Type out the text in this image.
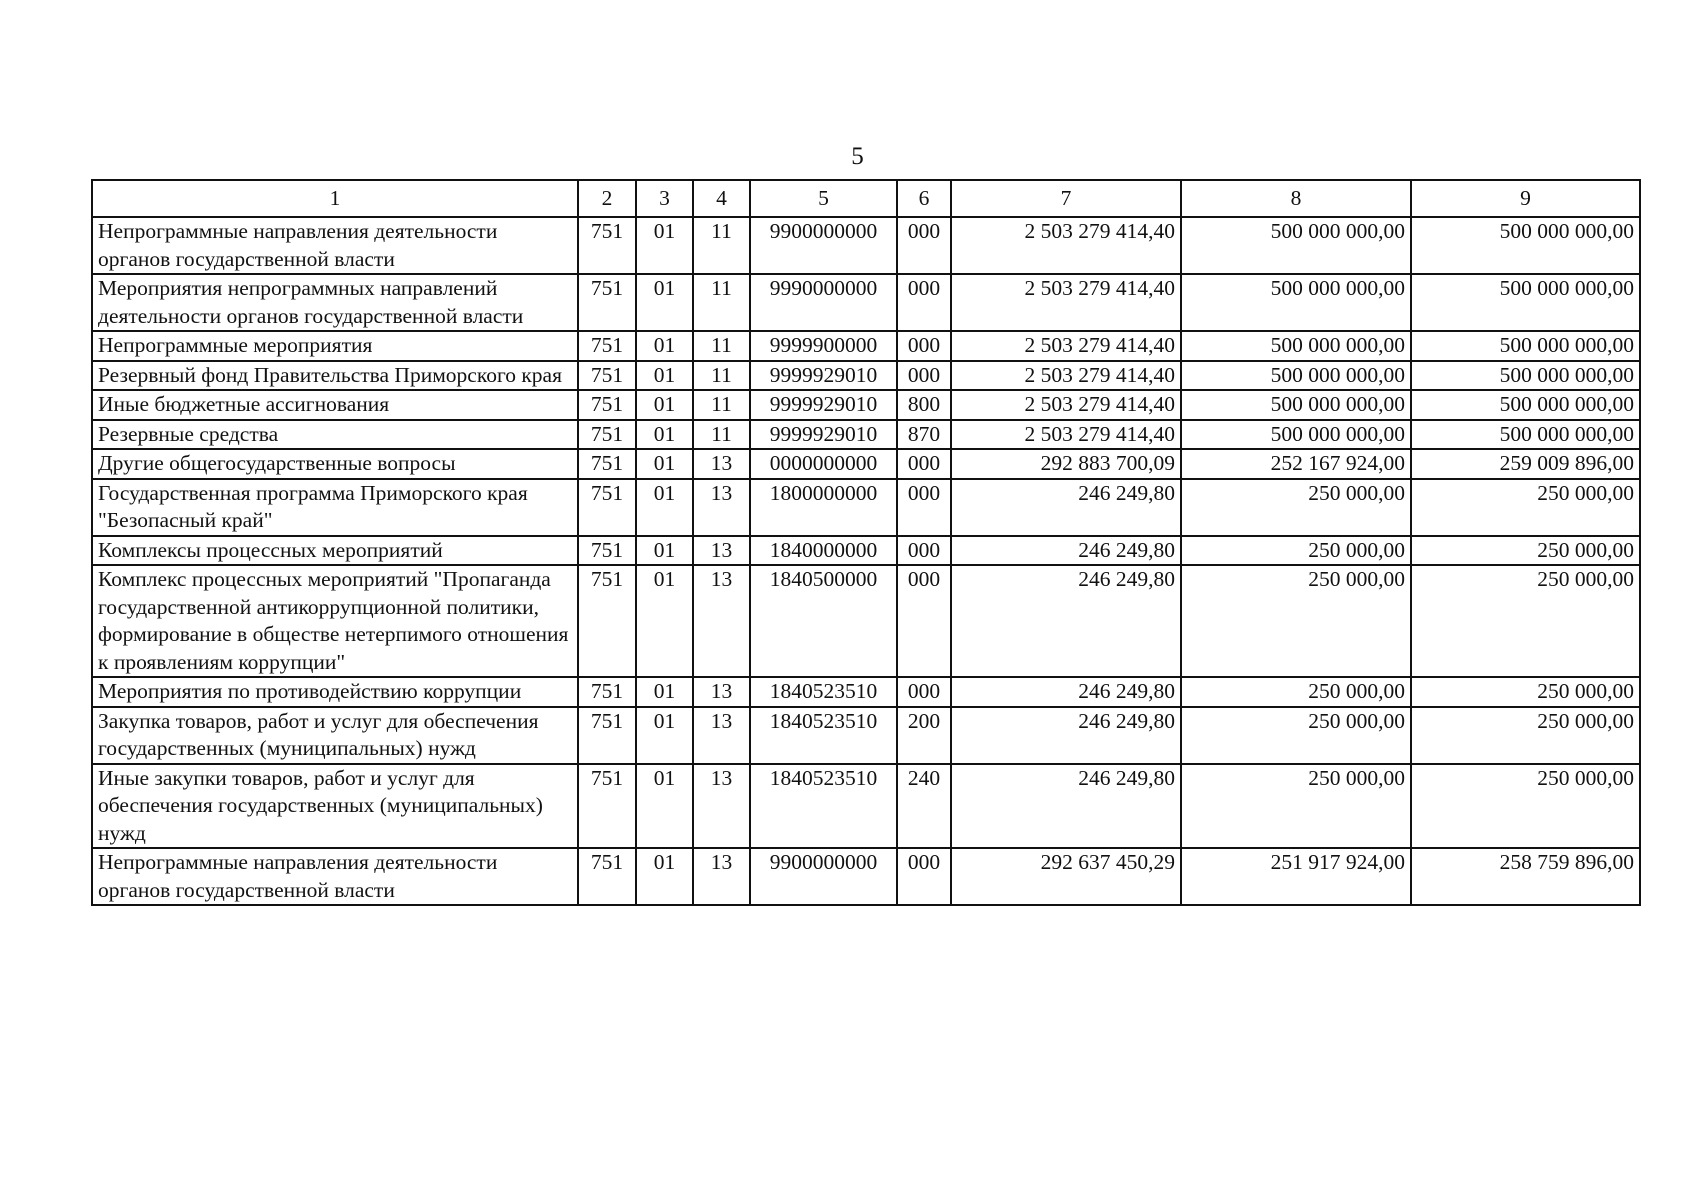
5
1	2	3	4	5	6	7	8	9
Непрограммные направления деятельности органов государственной власти	751	01	11	9900000000	000	2 503 279 414,40	500 000 000,00	500 000 000,00
Мероприятия непрограммных направлений деятельности органов государственной власти	751	01	11	9990000000	000	2 503 279 414,40	500 000 000,00	500 000 000,00
Непрограммные мероприятия	751	01	11	9999900000	000	2 503 279 414,40	500 000 000,00	500 000 000,00
Резервный фонд Правительства Приморского края	751	01	11	9999929010	000	2 503 279 414,40	500 000 000,00	500 000 000,00
Иные бюджетные ассигнования	751	01	11	9999929010	800	2 503 279 414,40	500 000 000,00	500 000 000,00
Резервные средства	751	01	11	9999929010	870	2 503 279 414,40	500 000 000,00	500 000 000,00
Другие общегосударственные вопросы	751	01	13	0000000000	000	292 883 700,09	252 167 924,00	259 009 896,00
Государственная программа Приморского края "Безопасный край"	751	01	13	1800000000	000	246 249,80	250 000,00	250 000,00
Комплексы процессных мероприятий	751	01	13	1840000000	000	246 249,80	250 000,00	250 000,00
Комплекс процессных мероприятий "Пропаганда государственной антикоррупционной политики, формирование в обществе нетерпимого отношения к проявлениям коррупции"	751	01	13	1840500000	000	246 249,80	250 000,00	250 000,00
Мероприятия по противодействию коррупции	751	01	13	1840523510	000	246 249,80	250 000,00	250 000,00
Закупка товаров, работ и услуг для обеспечения государственных (муниципальных) нужд	751	01	13	1840523510	200	246 249,80	250 000,00	250 000,00
Иные закупки товаров, работ и услуг для обеспечения государственных (муниципальных) нужд	751	01	13	1840523510	240	246 249,80	250 000,00	250 000,00
Непрограммные направления деятельности органов государственной власти	751	01	13	9900000000	000	292 637 450,29	251 917 924,00	258 759 896,00
